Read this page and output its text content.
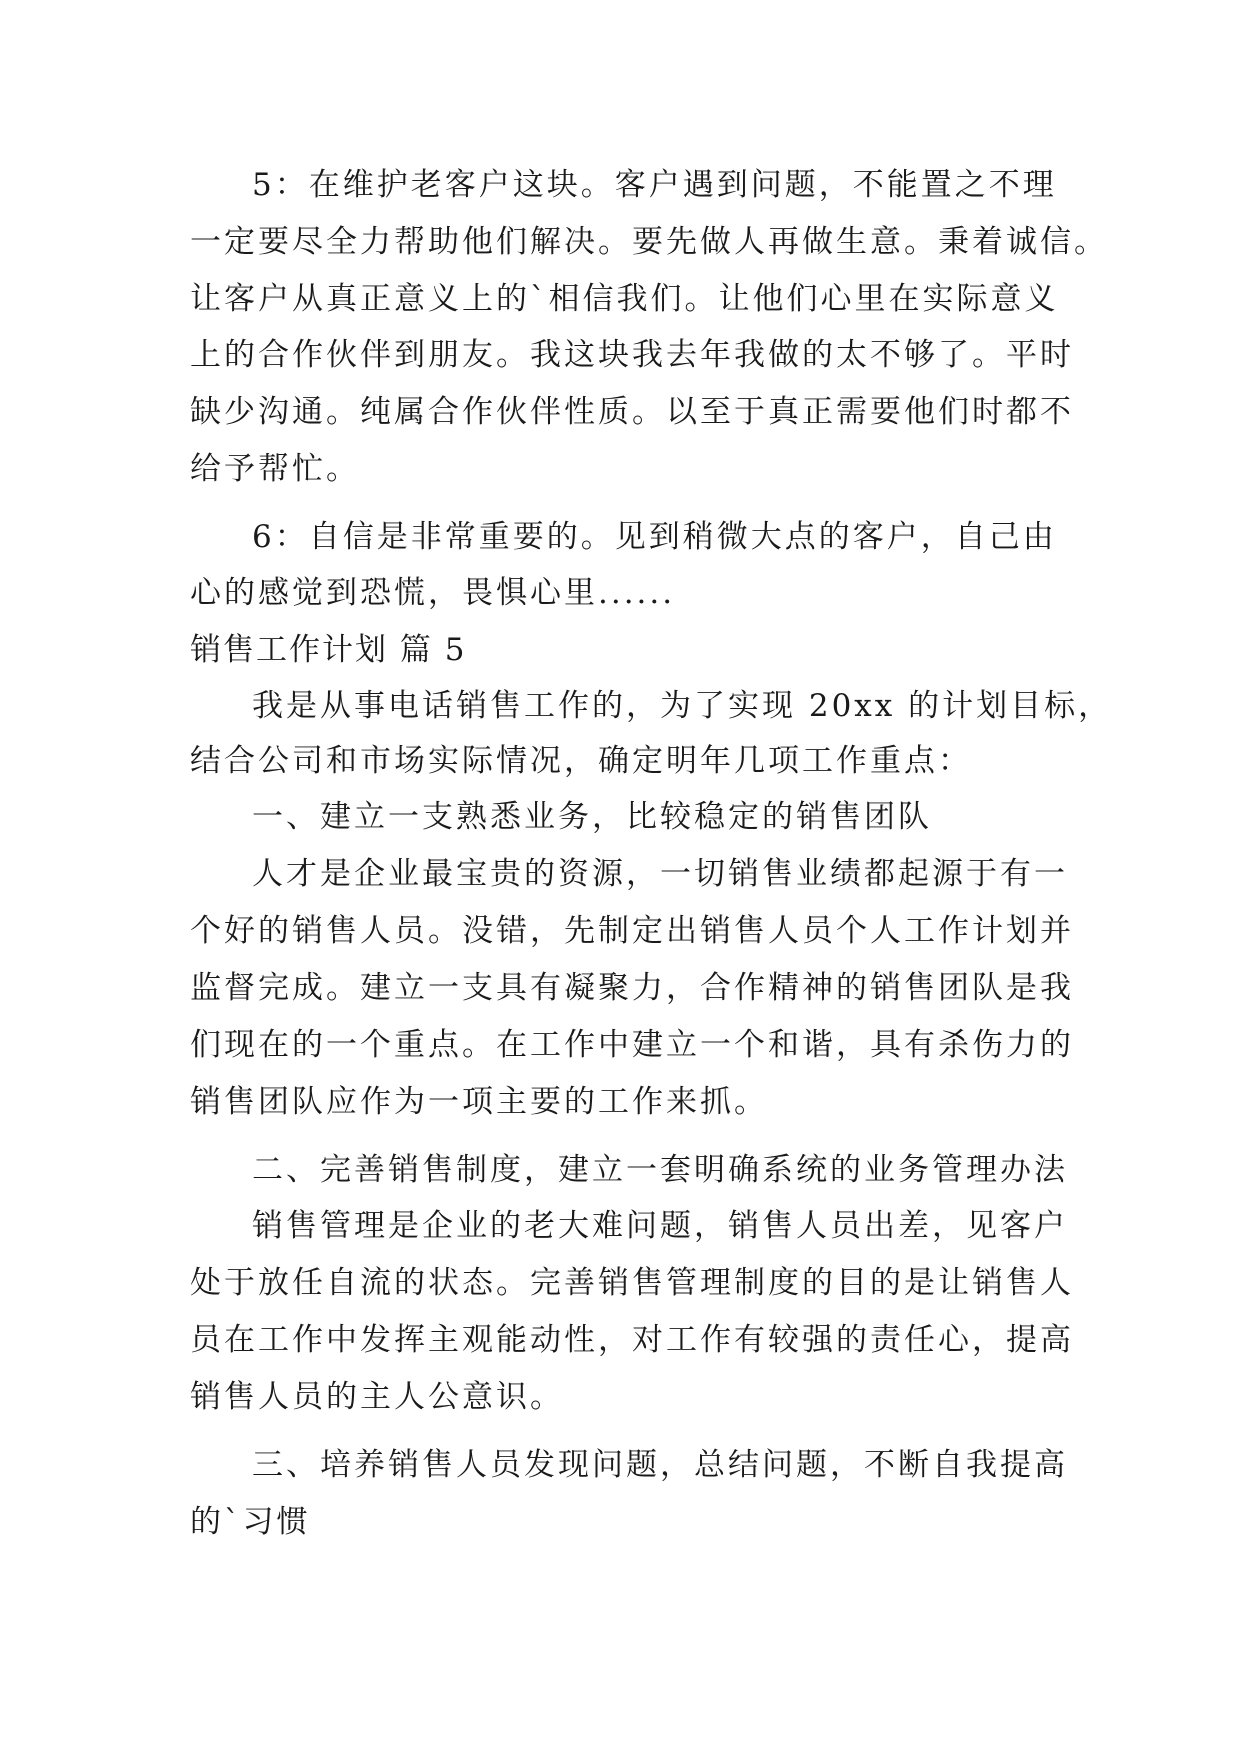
5：在维护老客户这块。客户遇到问题，不能置之不理

一定要尽全力帮助他们解决。要先做人再做生意。秉着诚信。

让客户从真正意义上的`相信我们。让他们心里在实际意义

上的合作伙伴到朋友。我这块我去年我做的太不够了。平时

缺少沟通。纯属合作伙伴性质。以至于真正需要他们时都不

给予帮忙。

6：自信是非常重要的。见到稍微大点的客户，自己由

心的感觉到恐慌，畏惧心里......

销售工作计划 篇 5

我是从事电话销售工作的，为了实现 20xx 的计划目标，

结合公司和市场实际情况，确定明年几项工作重点：

一、建立一支熟悉业务，比较稳定的销售团队

人才是企业最宝贵的资源，一切销售业绩都起源于有一

个好的销售人员。没错，先制定出销售人员个人工作计划并

监督完成。建立一支具有凝聚力，合作精神的销售团队是我

们现在的一个重点。在工作中建立一个和谐，具有杀伤力的

销售团队应作为一项主要的工作来抓。

二、完善销售制度，建立一套明确系统的业务管理办法

销售管理是企业的老大难问题，销售人员出差，见客户

处于放任自流的状态。完善销售管理制度的目的是让销售人

员在工作中发挥主观能动性，对工作有较强的责任心，提高

销售人员的主人公意识。

三、培养销售人员发现问题，总结问题，不断自我提高

的`习惯
